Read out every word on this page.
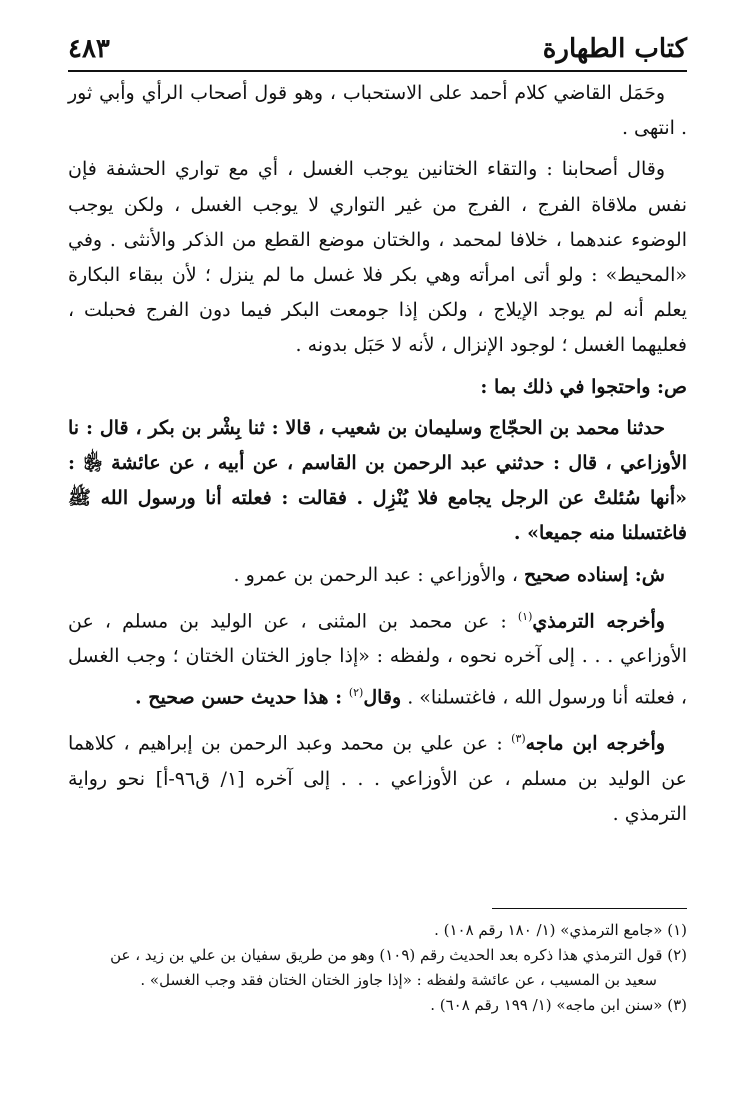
كتاب الطهارة
٤٨٣

وحَمَل القاضي كلام أحمد على الاستحباب ، وهو قول أصحاب الرأي وأبي ثور . انتهى .

وقال أصحابنا : والتقاء الختانين يوجب الغسل ، أي مع تواري الحشفة فإن نفس ملاقاة الفرج ، الفرج من غير التواري لا يوجب الغسل ، ولكن يوجب الوضوء عندهما ، خلافا لمحمد ، والختان موضع القطع من الذكر والأنثى . وفي «المحيط» : ولو أتى امرأته وهي بكر فلا غسل ما لم ينزل ؛ لأن ببقاء البكارة يعلم أنه لم يوجد الإيلاج ، ولكن إذا جومعت البكر فيما دون الفرج فحبلت ، فعليهما الغسل ؛ لوجود الإنزال ، لأنه لا حَبَل بدونه .

ص: واحتجوا في ذلك بما :

حدثنا محمد بن الحجّاج وسليمان بن شعيب ، قالا : ثنا بِشْر بن بكر ، قال : نا الأوزاعي ، قال : حدثني عبد الرحمن بن القاسم ، عن أبيه ، عن عائشة ﵂ : «أنها سُئلتْ عن الرجل يجامع فلا يُنْزِل . فقالت : فعلته أنا ورسول الله ﷺ فاغتسلنا منه جميعا» .

ش: إسناده صحيح ، والأوزاعي : عبد الرحمن بن عمرو .

وأخرجه الترمذي$^{(١)}$ : عن محمد بن المثنى ، عن الوليد بن مسلم ، عن الأوزاعي . . . إلى آخره نحوه ، ولفظه : «إذا جاوز الختان الختان ؛ وجب الغسل ، فعلته أنا ورسول الله ، فاغتسلنا» . وقال$^{(٢)}$ : هذا حديث حسن صحيح .

وأخرجه ابن ماجه$^{(٣)}$ : عن علي بن محمد وعبد الرحمن بن إبراهيم ، كلاهما عن الوليد بن مسلم ، عن الأوزاعي . . . إلى آخره [١/ ق٩٦-أ] نحو رواية الترمذي .

(١) «جامع الترمذي» (١/ ١٨٠ رقم ١٠٨) .

(٢) قول الترمذي هذا ذكره بعد الحديث رقم (١٠٩) وهو من طريق سفيان بن علي بن زيد ، عن

سعيد بن المسيب ، عن عائشة ولفظه : «إذا جاوز الختان الختان فقد وجب الغسل» .

(٣) «سنن ابن ماجه» (١/ ١٩٩ رقم ٦٠٨) .
